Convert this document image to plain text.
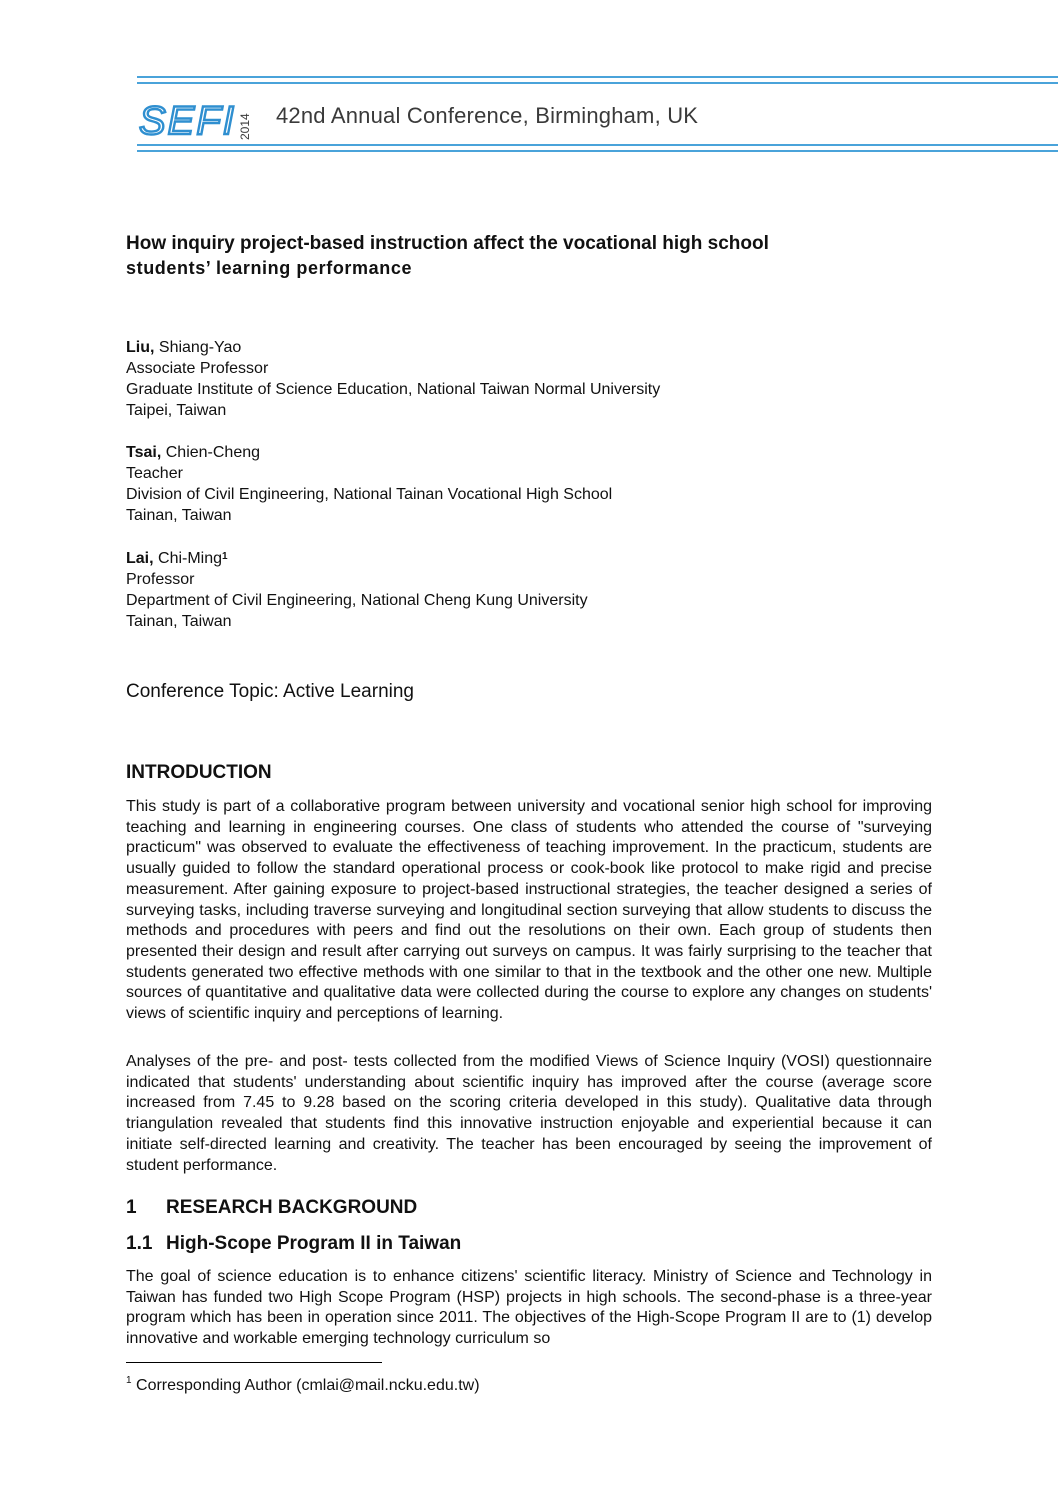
SEFI 2014 42nd Annual Conference, Birmingham, UK
How inquiry project-based instruction affect the vocational high school
students’ learning performance
Liu, Shiang-Yao
Associate Professor
Graduate Institute of Science Education, National Taiwan Normal University
Taipei, Taiwan
Tsai, Chien-Cheng
Teacher
Division of Civil Engineering, National Tainan Vocational High School
Tainan, Taiwan
Lai, Chi-Ming$^1$
Professor
Department of Civil Engineering, National Cheng Kung University
Tainan, Taiwan
Conference Topic: Active Learning
INTRODUCTION
This study is part of a collaborative program between university and vocational senior high school for improving teaching and learning in engineering courses. One class of students who attended the course of "surveying practicum" was observed to evaluate the effectiveness of teaching improvement. In the practicum, students are usually guided to follow the standard operational process or cook-book like protocol to make rigid and precise measurement. After gaining exposure to project-based instructional strategies, the teacher designed a series of surveying tasks, including traverse surveying and longitudinal section surveying that allow students to discuss the methods and procedures with peers and find out the resolutions on their own. Each group of students then presented their design and result after carrying out surveys on campus. It was fairly surprising to the teacher that students generated two effective methods with one similar to that in the textbook and the other one new. Multiple sources of quantitative and qualitative data were collected during the course to explore any changes on students' views of scientific inquiry and perceptions of learning.
Analyses of the pre- and post- tests collected from the modified Views of Science Inquiry (VOSI) questionnaire indicated that students' understanding about scientific inquiry has improved after the course (average score increased from 7.45 to 9.28 based on the scoring criteria developed in this study). Qualitative data through triangulation revealed that students find this innovative instruction enjoyable and experiential because it can initiate self-directed learning and creativity. The teacher has been encouraged by seeing the improvement of student performance.
1 RESEARCH BACKGROUND
1.1 High-Scope Program II in Taiwan
The goal of science education is to enhance citizens' scientific literacy. Ministry of Science and Technology in Taiwan has funded two High Scope Program (HSP) projects in high schools. The second-phase is a three-year program which has been in operation since 2011. The objectives of the High-Scope Program II are to (1) develop innovative and workable emerging technology curriculum so
$^1$ Corresponding Author (cmlai@mail.ncku.edu.tw)
